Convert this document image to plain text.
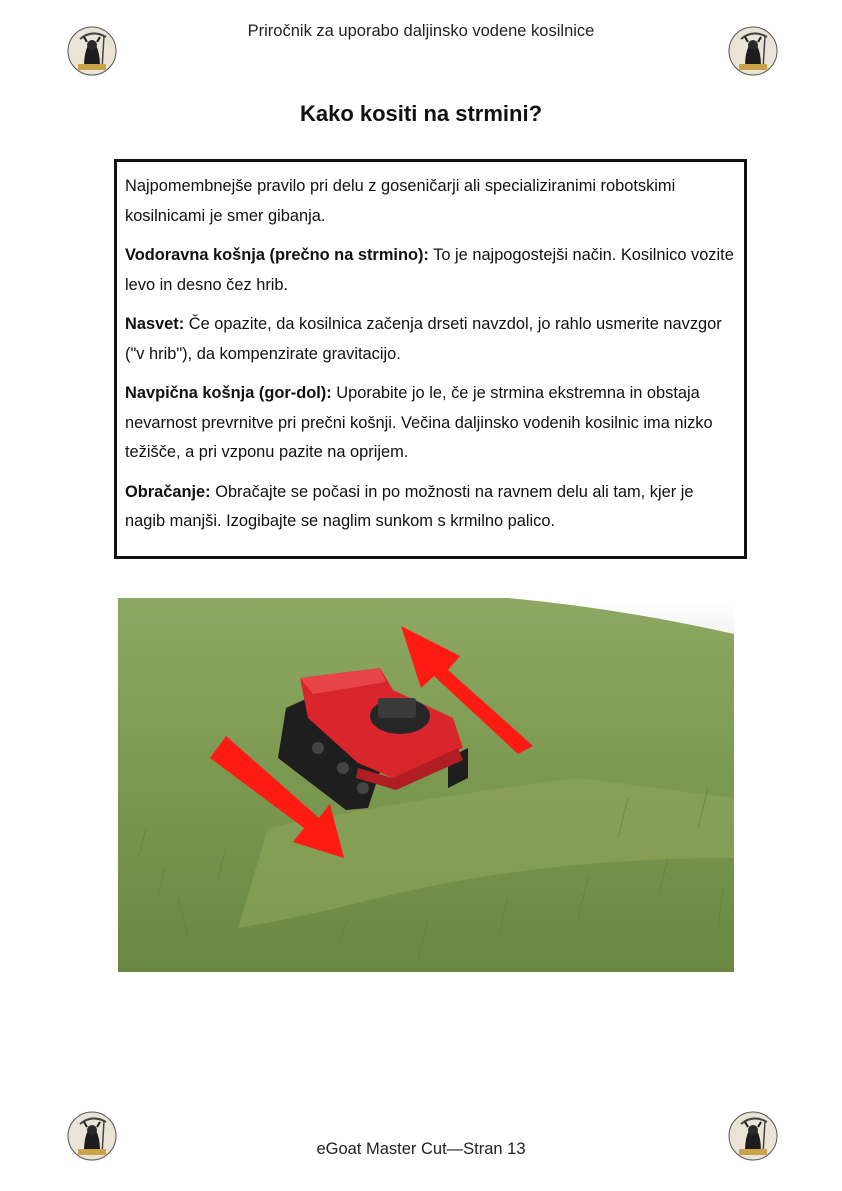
Priročnik za uporabo daljinsko vodene kosilnice
Kako kositi na strmini?

Najpomembnejše pravilo pri delu z goseničarji ali specializiranimi robotskimi kosilnicami je smer gibanja.

Vodoravna košnja (prečno na strmino): To je najpogostejši način. Kosilnico vozite levo in desno čez hrib.

Nasvet: Če opazite, da kosilnica začenja drseti navzdol, jo rahlo usmerite navzgor ("v hrib"), da kompenzirate gravitacijo.

Navpična košnja (gor-dol): Uporabite jo le, če je strmina ekstremna in obstaja nevarnost prevrnitve pri prečni košnji. Večina daljinsko vodenih kosilnic ima nizko težišče, a pri vzponu pazite na oprijem.

Obračanje: Obračajte se počasi in po možnosti na ravnem delu ali tam, kjer je nagib manjši. Izogibajte se naglim sunkom s krmilno palico.

eGoat Master Cut—Stran 13
